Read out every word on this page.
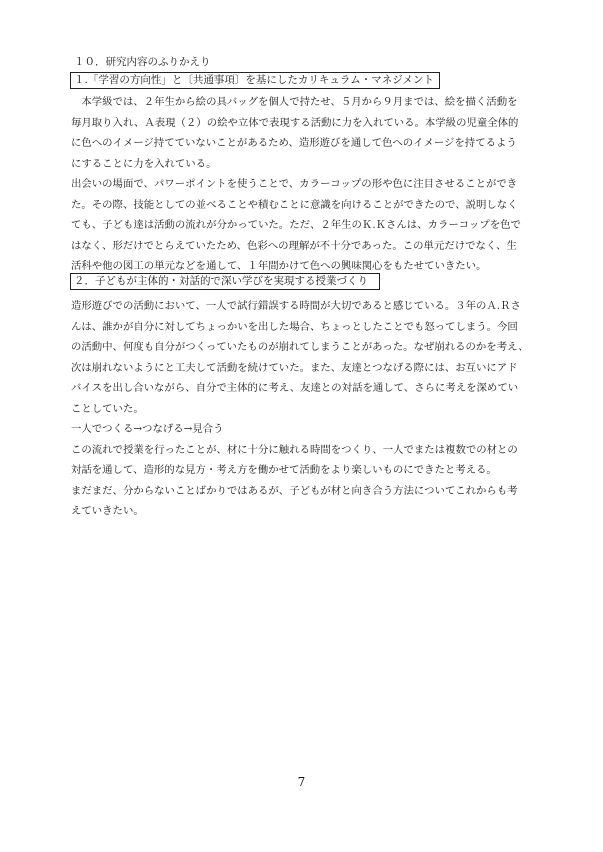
１０．研究内容のふりかえり
１.「学習の方向性」と〔共通事項〕を基にしたカリキュラム・マネジメント
　本学級では、２年生から絵の具バッグを個人で持たせ、５月から９月までは、絵を描く活動を
毎月取り入れ、Ａ表現（２）の絵や立体で表現する活動に力を入れている。本学級の児童全体的
に色へのイメージ持てていないことがあるため、造形遊びを通して色へのイメージを持てるよう
にすることに力を入れている。
出会いの場面で、パワーポイントを使うことで、カラーコップの形や色に注目させることができ
た。その際、技能としての並べることや積むことに意識を向けることができたので、説明しなく
ても、子ども達は活動の流れが分かっていた。ただ、２年生のＫ.Ｋさんは、カラーコップを色で
はなく、形だけでとらえていたため、色彩への理解が不十分であった。この単元だけでなく、生
活科や他の図工の単元などを通して、１年間かけて色への興味関心をもたせていきたい。
２．子どもが主体的・対話的で深い学びを実現する授業づくり
造形遊びでの活動において、一人で試行錯誤する時間が大切であると感じている。３年のＡ.Ｒさ
んは、誰かが自分に対してちょっかいを出した場合、ちょっとしたことでも怒ってしまう。今回
の活動中、何度も自分がつくっていたものが崩れてしまうことがあった。なぜ崩れるのかを考え、
次は崩れないようにと工夫して活動を続けていた。また、友達とつなげる際には、お互いにアド
バイスを出し合いながら、自分で主体的に考え、友達との対話を通して、さらに考えを深めてい
ことしていた。
一人でつくる→つなげる→見合う
この流れで授業を行ったことが、材に十分に触れる時間をつくり、一人でまたは複数での材との
対話を通して、造形的な見方・考え方を働かせて活動をより楽しいものにできたと考える。
まだまだ、分からないことばかりではあるが、子どもが材と向き合う方法についてこれからも考
えていきたい。
7
